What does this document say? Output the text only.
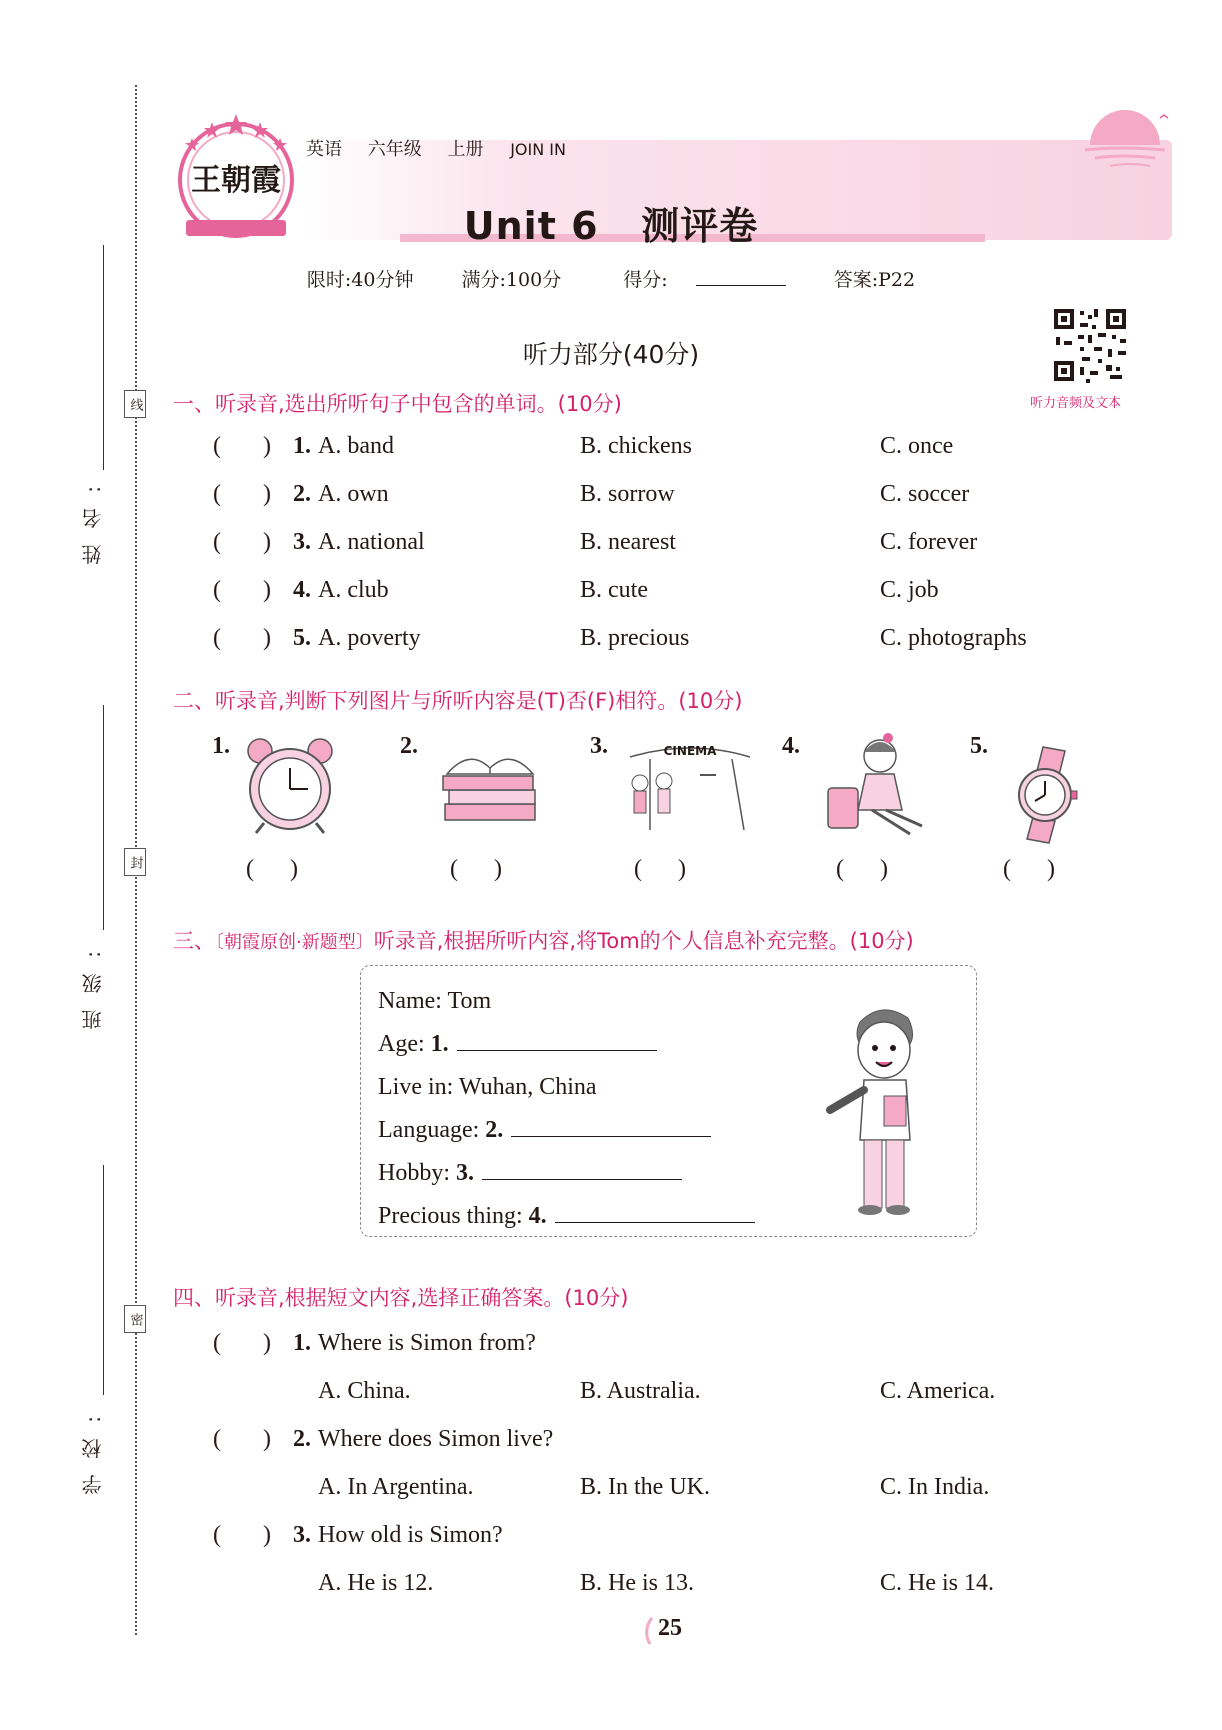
线
封
密
姓名:
班级:
学校:
王朝霞
英语 六年级 上册 JOIN IN
Unit 6   测评卷
限时:40分钟	满分:100分	得分:	答案:P22
听力音频及文本
听力部分(40分)
一、听录音,选出所听句子中包含的单词。(10分)
(       ) 1. A. band	B. chickens	C. once
(       ) 2. A. own	B. sorrow	C. soccer
(       ) 3. A. national	B. nearest	C. forever
(       ) 4. A. club	B. cute	C. job
(       ) 5. A. poverty	B. precious	C. photographs
二、听录音,判断下列图片与所听内容是(T)否(F)相符。(10分)
1.
(      )
2.
(      )
3.	CINEMA
(      )
4.
(      )
5.
(      )
三、〔朝霞原创·新题型〕听录音,根据所听内容,将Tom的个人信息补充完整。(10分)
Name: Tom
Age: 1.
Live in: Wuhan, China
Language: 2.
Hobby: 3.
Precious thing: 4.
四、听录音,根据短文内容,选择正确答案。(10分)
(       ) 1. Where is Simon from?
A. China.	B. Australia.	C. America.
(       ) 2. Where does Simon live?
A. In Argentina.	B. In the UK.	C. In India.
(       ) 3. How old is Simon?
A. He is 12.	B. He is 13.	C. He is 14.
25
